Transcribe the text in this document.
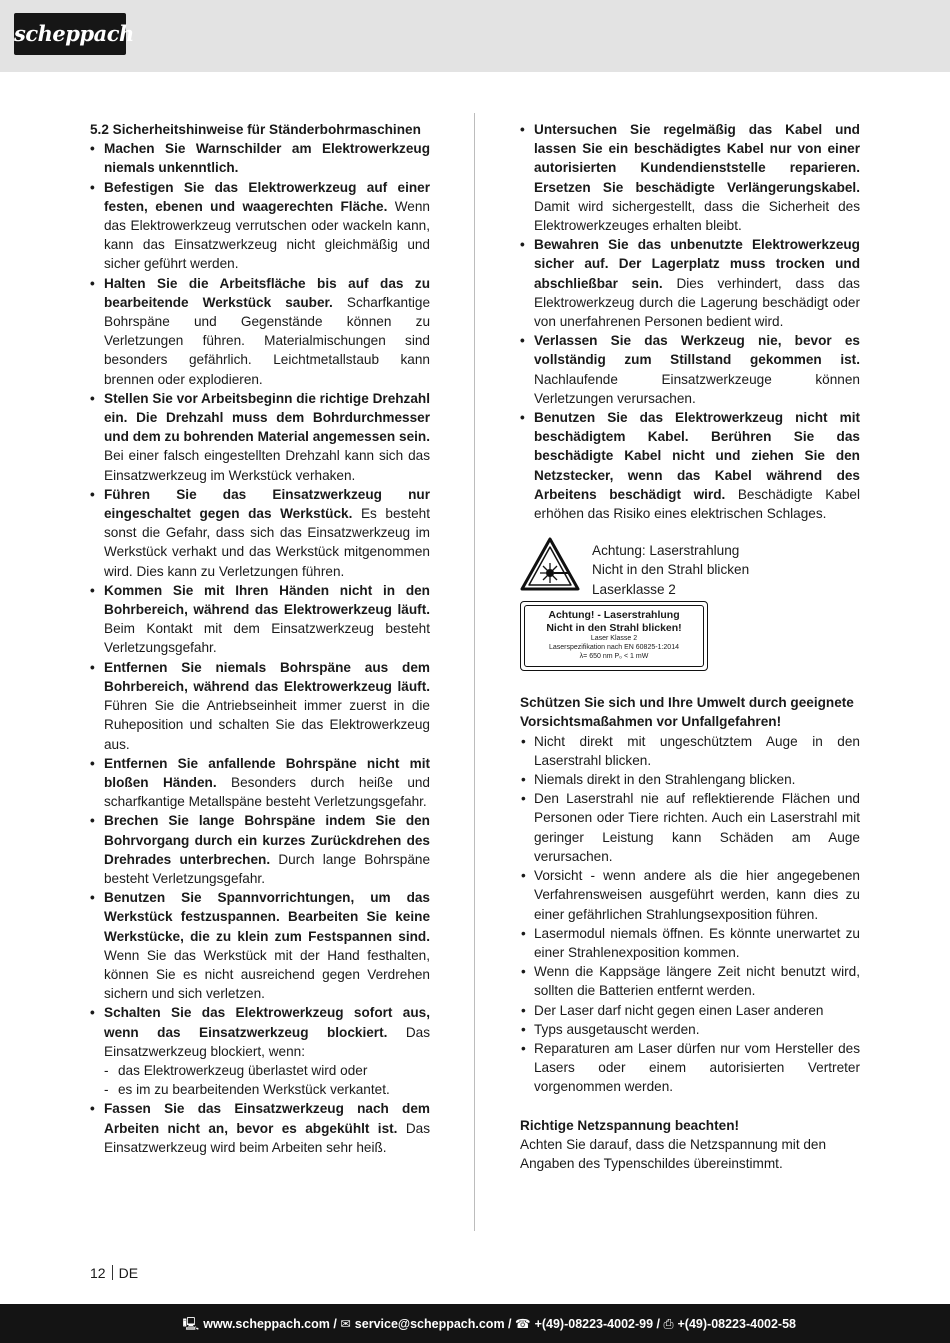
scheppach

5.2 Sicherheitshinweise für Ständerbohrmaschinen

• Machen Sie Warnschilder am Elektrowerkzeug niemals unkenntlich.
• Befestigen Sie das Elektrowerkzeug auf einer festen, ebenen und waagerechten Fläche. Wenn das Elektrowerkzeug verrutschen oder wackeln kann, kann das Einsatzwerkzeug nicht gleichmäßig und sicher geführt werden.
• Halten Sie die Arbeitsfläche bis auf das zu bearbeitende Werkstück sauber. Scharfkantige Bohrspäne und Gegenstände können zu Verletzungen führen. Materialmischungen sind besonders gefährlich. Leichtmetallstaub kann brennen oder explodieren.
• Stellen Sie vor Arbeitsbeginn die richtige Drehzahl ein. Die Drehzahl muss dem Bohrdurchmesser und dem zu bohrenden Material angemessen sein. Bei einer falsch eingestellten Drehzahl kann sich das Einsatzwerkzeug im Werkstück verhaken.
• Führen Sie das Einsatzwerkzeug nur eingeschaltet gegen das Werkstück. Es besteht sonst die Gefahr, dass sich das Einsatzwerkzeug im Werkstück verhakt und das Werkstück mitgenommen wird. Dies kann zu Verletzungen führen.
• Kommen Sie mit Ihren Händen nicht in den Bohrbereich, während das Elektrowerkzeug läuft. Beim Kontakt mit dem Einsatzwerkzeug besteht Verletzungsgefahr.
• Entfernen Sie niemals Bohrspäne aus dem Bohrbereich, während das Elektrowerkzeug läuft. Führen Sie die Antriebseinheit immer zuerst in die Ruheposition und schalten Sie das Elektrowerkzeug aus.
• Entfernen Sie anfallende Bohrspäne nicht mit bloßen Händen. Besonders durch heiße und scharfkantige Metallspäne besteht Verletzungsgefahr.
• Brechen Sie lange Bohrspäne indem Sie den Bohrvorgang durch ein kurzes Zurückdrehen des Drehrades unterbrechen. Durch lange Bohrspäne besteht Verletzungsgefahr.
• Benutzen Sie Spannvorrichtungen, um das Werkstück festzuspannen. Bearbeiten Sie keine Werkstücke, die zu klein zum Festspannen sind. Wenn Sie das Werkstück mit der Hand festhalten, können Sie es nicht ausreichend gegen Verdrehen sichern und sich verletzen.
• Schalten Sie das Elektrowerkzeug sofort aus, wenn das Einsatzwerkzeug blockiert. Das Einsatzwerkzeug blockiert, wenn:
- das Elektrowerkzeug überlastet wird oder
- es im zu bearbeitenden Werkstück verkantet.
• Fassen Sie das Einsatzwerkzeug nach dem Arbeiten nicht an, bevor es abgekühlt ist. Das Einsatzwerkzeug wird beim Arbeiten sehr heiß.
• Untersuchen Sie regelmäßig das Kabel und lassen Sie ein beschädigtes Kabel nur von einer autorisierten Kundendienststelle reparieren. Ersetzen Sie beschädigte Verlängerungskabel. Damit wird sichergestellt, dass die Sicherheit des Elektrowerkzeuges erhalten bleibt.
• Bewahren Sie das unbenutzte Elektrowerkzeug sicher auf. Der Lagerplatz muss trocken und abschließbar sein. Dies verhindert, dass das Elektrowerkzeug durch die Lagerung beschädigt oder von unerfahrenen Personen bedient wird.
• Verlassen Sie das Werkzeug nie, bevor es vollständig zum Stillstand gekommen ist. Nachlaufende Einsatzwerkzeuge können Verletzungen verursachen.
• Benutzen Sie das Elektrowerkzeug nicht mit beschädigtem Kabel. Berühren Sie das beschädigte Kabel nicht und ziehen Sie den Netzstecker, wenn das Kabel während des Arbeitens beschädigt wird. Beschädigte Kabel erhöhen das Risiko eines elektrischen Schlages.
Achtung: Laserstrahlung
Nicht in den Strahl blicken
Laserklasse 2
Achtung! - Laserstrahlung
Nicht in den Strahl blicken!
Laser Klasse 2
Laserspezifikation nach EN 60825-1:2014
λ= 650 nm P₀ < 1 mW

Schützen Sie sich und Ihre Umwelt durch geeignete Vorsichtsmaßahmen vor Unfallgefahren!

• Nicht direkt mit ungeschütztem Auge in den Laserstrahl blicken.
• Niemals direkt in den Strahlengang blicken.
• Den Laserstrahl nie auf reflektierende Flächen und Personen oder Tiere richten. Auch ein Laserstrahl mit geringer Leistung kann Schäden am Auge verursachen.
• Vorsicht - wenn andere als die hier angegebenen Verfahrensweisen ausgeführt werden, kann dies zu einer gefährlichen Strahlungsexposition führen.
• Lasermodul niemals öffnen. Es könnte unerwartet zu einer Strahlenexposition kommen.
• Wenn die Kappsäge längere Zeit nicht benutzt wird, sollten die Batterien entfernt werden.
• Der Laser darf nicht gegen einen Laser anderen
• Typs ausgetauscht werden.
• Reparaturen am Laser dürfen nur vom Hersteller des Lasers oder einem autorisierten Vertreter vorgenommen werden.

Richtige Netzspannung beachten!

Achten Sie darauf, dass die Netzspannung mit den Angaben des Typenschildes übereinstimmt.

12 DE
🖳 www.scheppach.com / ✉ service@scheppach.com / ☎ +(49)-08223-4002-99 / ⎙ +(49)-08223-4002-58
